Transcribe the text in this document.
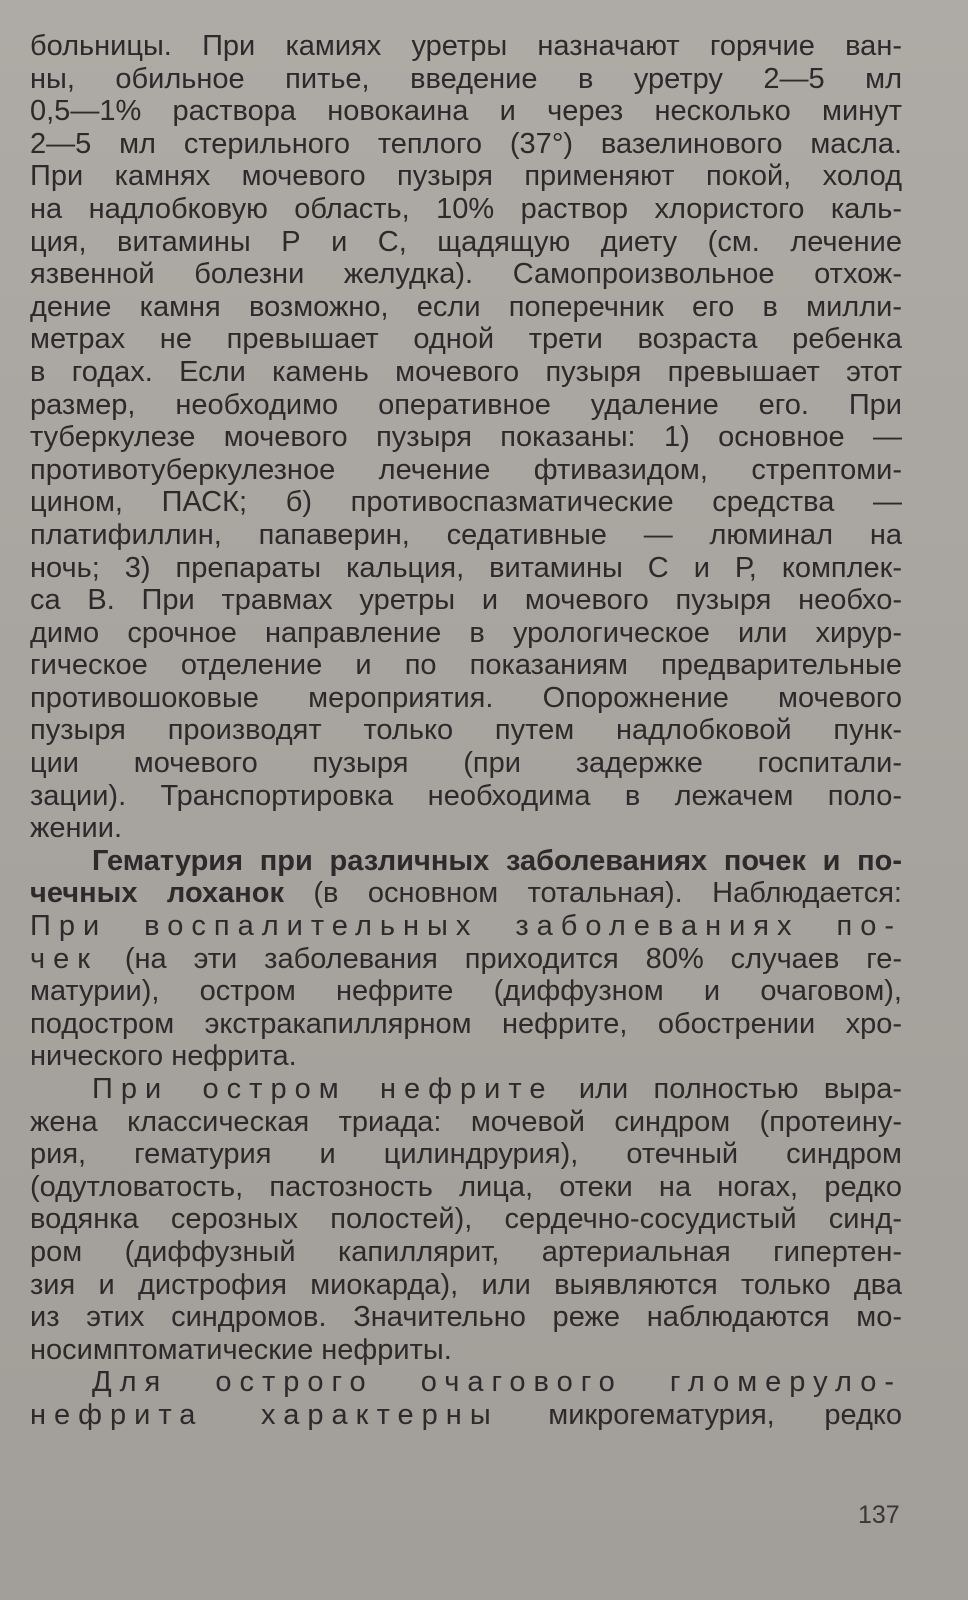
больницы. При камиях уретры назначают горячие ван-
ны, обильное питье, введение в уретру 2—5 мл
0,5—1% раствора новокаина и через несколько минут
2—5 мл стерильного теплого (37°) вазелинового масла.
При камнях мочевого пузыря применяют покой, холод
на надлобковую область, 10% раствор хлористого каль-
ция, витамины Р и С, щадящую диету (см. лечение
язвенной болезни желудка). Самопроизвольное отхож-
дение камня возможно, если поперечник его в милли-
метрах не превышает одной трети возраста ребенка
в годах. Если камень мочевого пузыря превышает этот
размер, необходимо оперативное удаление его. При
туберкулезе мочевого пузыря показаны: 1) основное —
противотуберкулезное лечение фтивазидом, стрептоми-
цином, ПАСК; б) противоспазматические средства —
платифиллин, папаверин, седативные — люминал на
ночь; 3) препараты кальция, витамины С и Р, комплек-
са В. При травмах уретры и мочевого пузыря необхо-
димо срочное направление в урологическое или хирур-
гическое отделение и по показаниям предварительные
противошоковые мероприятия. Опорожнение мочевого
пузыря производят только путем надлобковой пунк-
ции мочевого пузыря (при задержке госпитали-
зации). Транспортировка необходима в лежачем поло-
жении.
Гематурия при различных заболеваниях почек и по-
чечных лоханок (в основном тотальная). Наблюдается:
При воспалительных заболеваниях по-
чек (на эти заболевания приходится 80% случаев ге-
матурии), остром нефрите (диффузном и очаговом),
подостром экстракапиллярном нефрите, обострении хро-
нического нефрита.
При остром нефрите или полностью выра-
жена классическая триада: мочевой синдром (протеину-
рия, гематурия и цилиндрурия), отечный синдром
(одутловатость, пастозность лица, отеки на ногах, редко
водянка серозных полостей), сердечно-сосудистый синд-
ром (диффузный капиллярит, артериальная гипертен-
зия и дистрофия миокарда), или выявляются только два
из этих синдромов. Значительно реже наблюдаются мо-
носимптоматические нефриты.
Для острого очагового гломеруло-
нефрита характерны микрогематурия, редко
137
